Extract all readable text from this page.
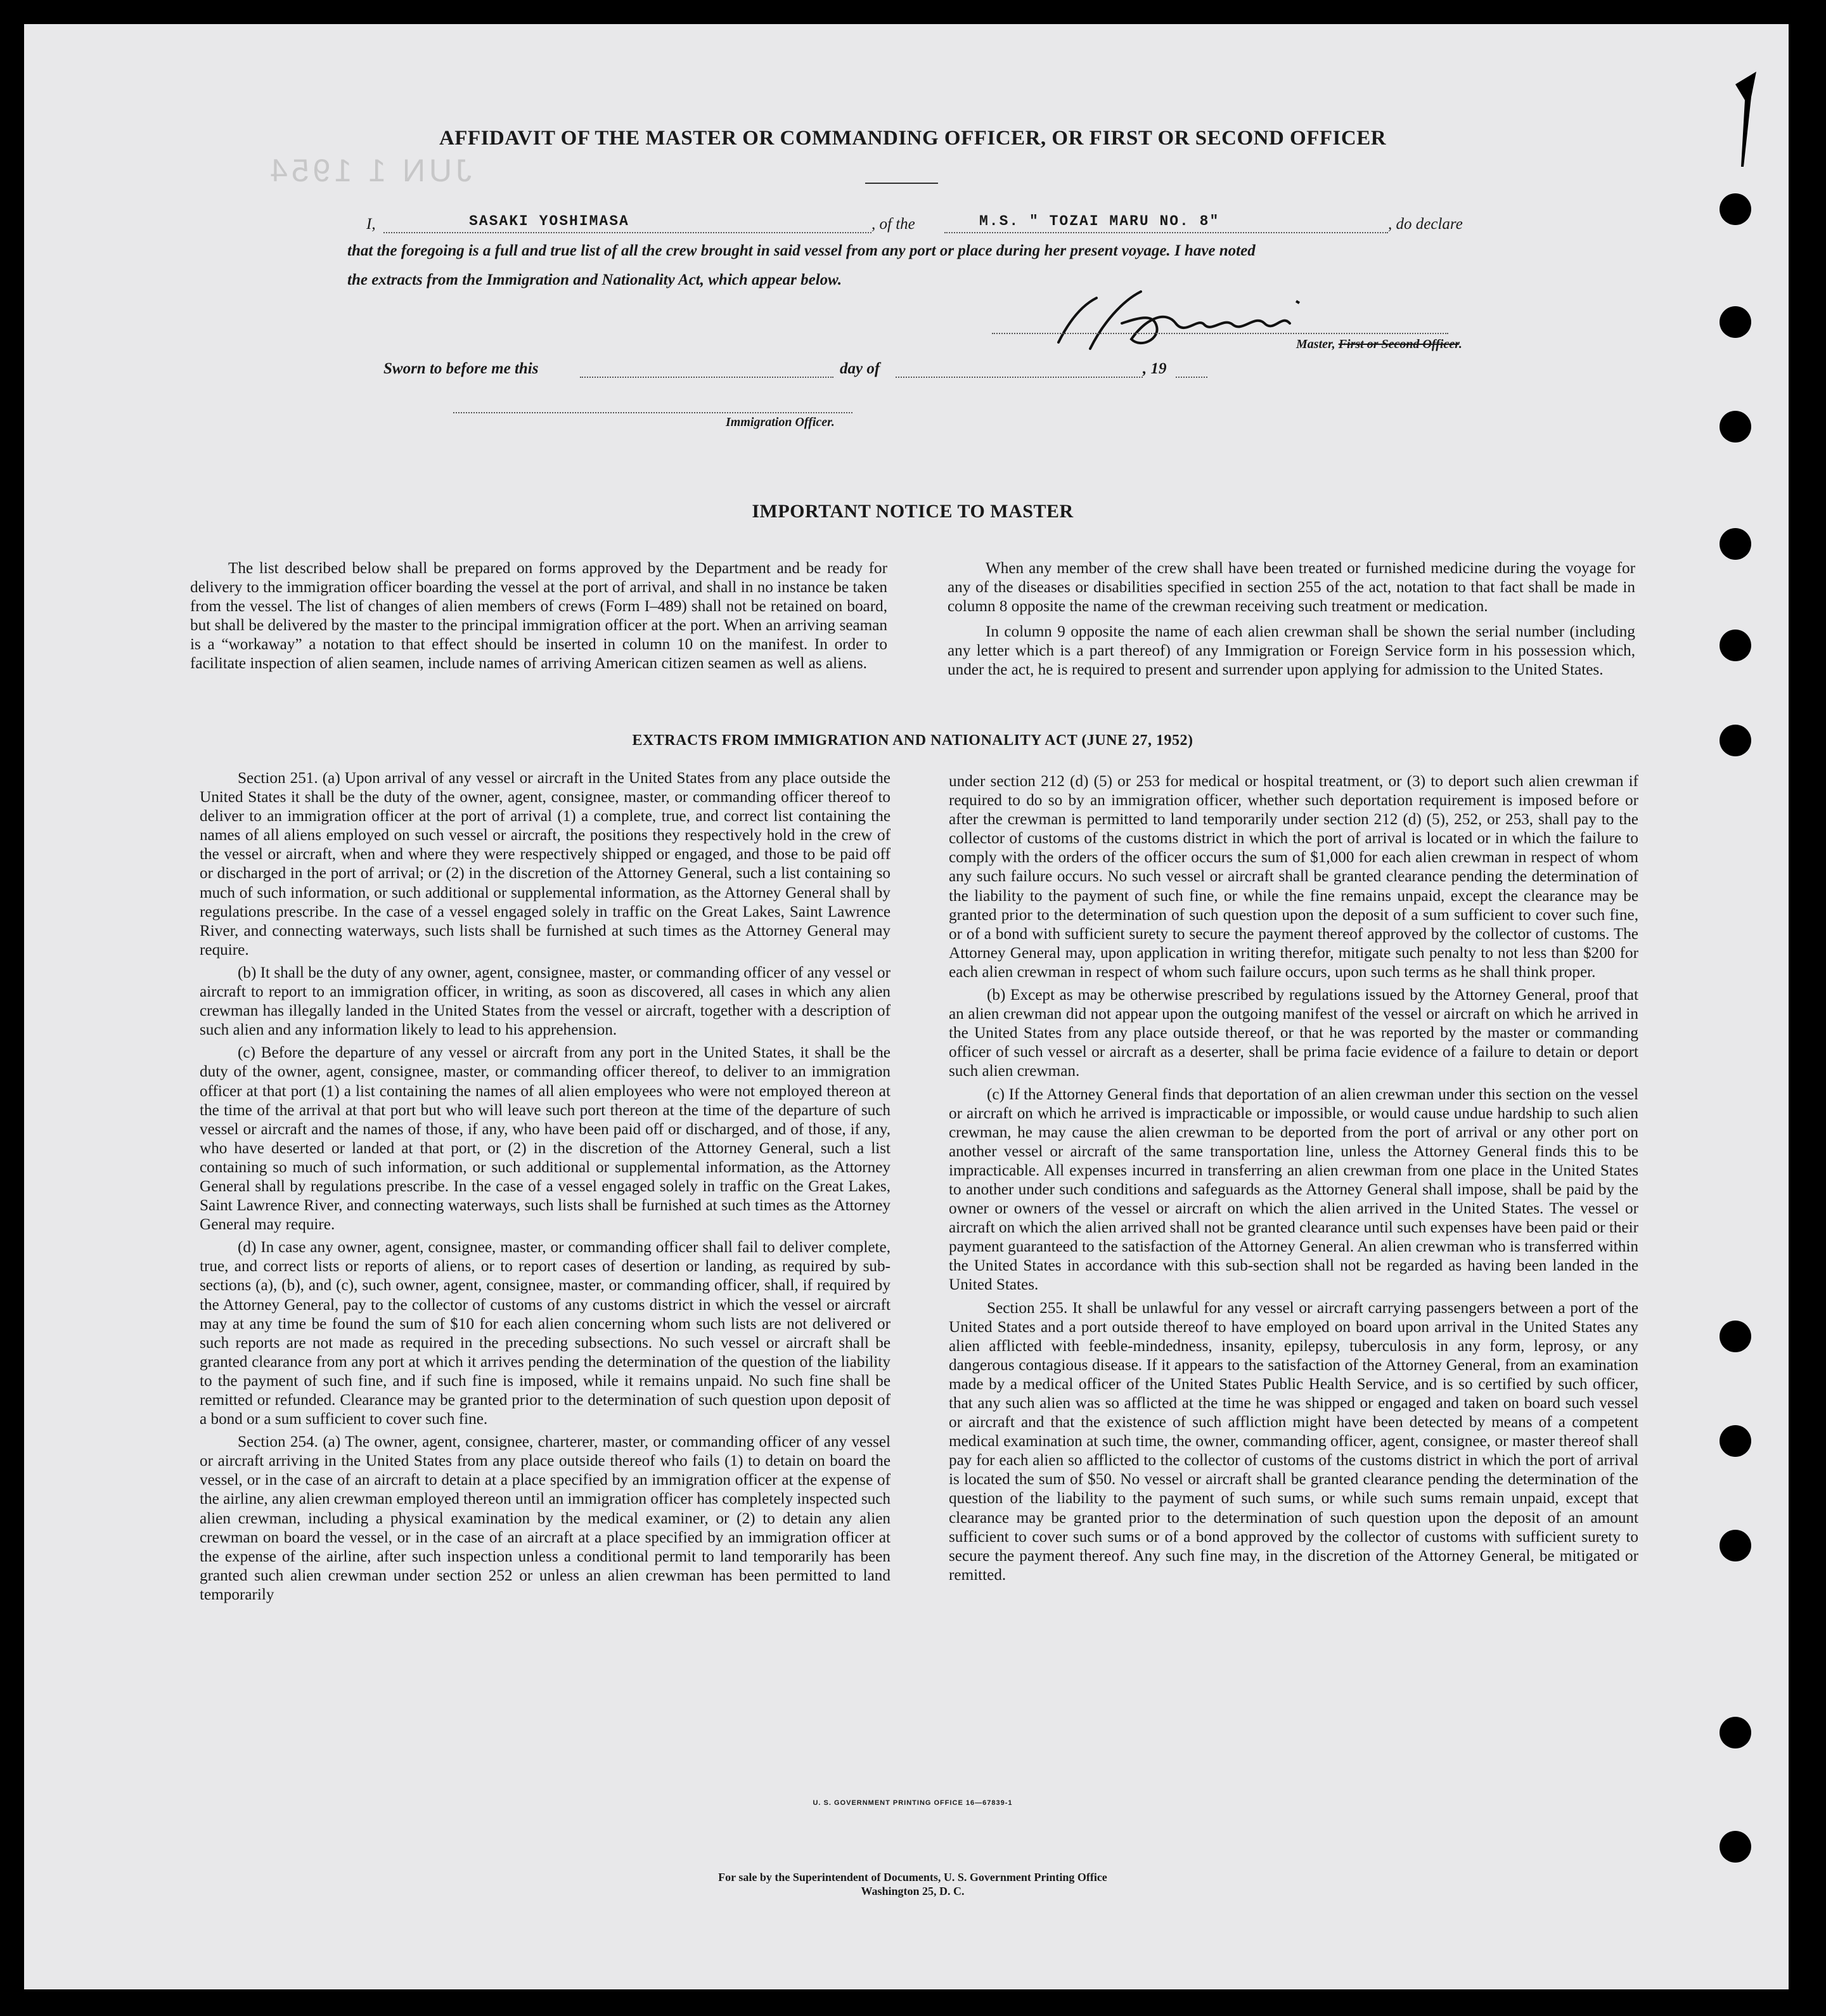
JUN 1 1954
AFFIDAVIT OF THE MASTER OR COMMANDING OFFICER, OR FIRST OR SECOND OFFICER
I,	SASAKI YOSHIMASA	, of the	M.S. " TOZAI MARU NO. 8"	, do declare
that the foregoing is a full and true list of all the crew brought in said vessel from any port or place during her present voyage. I have noted
the extracts from the Immigration and Nationality Act, which appear below.
Master, First or Second Officer.
Sworn to before me this	day of	, 19
Immigration Officer.
IMPORTANT NOTICE TO MASTER

The list described below shall be prepared on forms approved by the Department and be ready for delivery to the immigration officer boarding the vessel at the port of arrival, and shall in no instance be taken from the vessel. The list of changes of alien members of crews (Form I–489) shall not be retained on board, but shall be delivered by the master to the principal immigration officer at the port. When an arriving seaman is a “workaway” a notation to that effect should be inserted in column 10 on the manifest. In order to facilitate inspection of alien seamen, include names of arriving American citizen seamen as well as aliens.

When any member of the crew shall have been treated or furnished medicine during the voyage for any of the diseases or disabilities specified in section 255 of the act, notation to that fact shall be made in column 8 opposite the name of the crewman receiving such treatment or medication.

In column 9 opposite the name of each alien crewman shall be shown the serial number (including any letter which is a part thereof) of any Immigration or Foreign Service form in his possession which, under the act, he is required to present and surrender upon applying for admission to the United States.

EXTRACTS FROM IMMIGRATION AND NATIONALITY ACT (JUNE 27, 1952)

Section 251. (a) Upon arrival of any vessel or aircraft in the United States from any place outside the United States it shall be the duty of the owner, agent, consignee, master, or commanding officer thereof to deliver to an immigration officer at the port of arrival (1) a complete, true, and correct list containing the names of all aliens employed on such vessel or aircraft, the positions they respectively hold in the crew of the vessel or aircraft, when and where they were respectively shipped or engaged, and those to be paid off or discharged in the port of arrival; or (2) in the discretion of the Attorney General, such a list containing so much of such information, or such additional or supplemental information, as the Attorney General shall by regulations prescribe. In the case of a vessel engaged solely in traffic on the Great Lakes, Saint Lawrence River, and connecting waterways, such lists shall be furnished at such times as the Attorney General may require.

(b) It shall be the duty of any owner, agent, consignee, master, or commanding officer of any vessel or aircraft to report to an immigration officer, in writing, as soon as discovered, all cases in which any alien crewman has illegally landed in the United States from the vessel or aircraft, together with a description of such alien and any information likely to lead to his apprehension.

(c) Before the departure of any vessel or aircraft from any port in the United States, it shall be the duty of the owner, agent, consignee, master, or commanding officer thereof, to deliver to an immigration officer at that port (1) a list containing the names of all alien employees who were not employed thereon at the time of the arrival at that port but who will leave such port thereon at the time of the departure of such vessel or aircraft and the names of those, if any, who have been paid off or discharged, and of those, if any, who have deserted or landed at that port, or (2) in the discretion of the Attorney General, such a list containing so much of such information, or such additional or supplemental information, as the Attorney General shall by regulations prescribe. In the case of a vessel engaged solely in traffic on the Great Lakes, Saint Lawrence River, and connecting waterways, such lists shall be furnished at such times as the Attorney General may require.

(d) In case any owner, agent, consignee, master, or commanding officer shall fail to deliver complete, true, and correct lists or reports of aliens, or to report cases of desertion or landing, as required by sub-sections (a), (b), and (c), such owner, agent, consignee, master, or commanding officer, shall, if required by the Attorney General, pay to the collector of customs of any customs district in which the vessel or aircraft may at any time be found the sum of $10 for each alien concerning whom such lists are not delivered or such reports are not made as required in the preceding subsections. No such vessel or aircraft shall be granted clearance from any port at which it arrives pending the determination of the question of the liability to the payment of such fine, and if such fine is imposed, while it remains unpaid. No such fine shall be remitted or refunded. Clearance may be granted prior to the determination of such question upon deposit of a bond or a sum sufficient to cover such fine.

Section 254. (a) The owner, agent, consignee, charterer, master, or commanding officer of any vessel or aircraft arriving in the United States from any place outside thereof who fails (1) to detain on board the vessel, or in the case of an aircraft to detain at a place specified by an immigration officer at the expense of the airline, any alien crewman employed thereon until an immigration officer has completely inspected such alien crewman, including a physical examination by the medical examiner, or (2) to detain any alien crewman on board the vessel, or in the case of an aircraft at a place specified by an immigration officer at the expense of the airline, after such inspection unless a conditional permit to land temporarily has been granted such alien crewman under section 252 or unless an alien crewman has been permitted to land temporarily

under section 212 (d) (5) or 253 for medical or hospital treatment, or (3) to deport such alien crewman if required to do so by an immigration officer, whether such deportation requirement is imposed before or after the crewman is permitted to land temporarily under section 212 (d) (5), 252, or 253, shall pay to the collector of customs of the customs district in which the port of arrival is located or in which the failure to comply with the orders of the officer occurs the sum of $1,000 for each alien crewman in respect of whom any such failure occurs. No such vessel or aircraft shall be granted clearance pending the determination of the liability to the payment of such fine, or while the fine remains unpaid, except the clearance may be granted prior to the determination of such question upon the deposit of a sum sufficient to cover such fine, or of a bond with sufficient surety to secure the payment thereof approved by the collector of customs. The Attorney General may, upon application in writing therefor, mitigate such penalty to not less than $200 for each alien crewman in respect of whom such failure occurs, upon such terms as he shall think proper.

(b) Except as may be otherwise prescribed by regulations issued by the Attorney General, proof that an alien crewman did not appear upon the outgoing manifest of the vessel or aircraft on which he arrived in the United States from any place outside thereof, or that he was reported by the master or commanding officer of such vessel or aircraft as a deserter, shall be prima facie evidence of a failure to detain or deport such alien crewman.

(c) If the Attorney General finds that deportation of an alien crewman under this section on the vessel or aircraft on which he arrived is impracticable or impossible, or would cause undue hardship to such alien crewman, he may cause the alien crewman to be deported from the port of arrival or any other port on another vessel or aircraft of the same transportation line, unless the Attorney General finds this to be impracticable. All expenses incurred in transferring an alien crewman from one place in the United States to another under such conditions and safeguards as the Attorney General shall impose, shall be paid by the owner or owners of the vessel or aircraft on which the alien arrived in the United States. The vessel or aircraft on which the alien arrived shall not be granted clearance until such expenses have been paid or their payment guaranteed to the satisfaction of the Attorney General. An alien crewman who is transferred within the United States in accordance with this sub-section shall not be regarded as having been landed in the United States.

Section 255. It shall be unlawful for any vessel or aircraft carrying passengers between a port of the United States and a port outside thereof to have employed on board upon arrival in the United States any alien afflicted with feeble-mindedness, insanity, epilepsy, tuberculosis in any form, leprosy, or any dangerous contagious disease. If it appears to the satisfaction of the Attorney General, from an examination made by a medical officer of the United States Public Health Service, and is so certified by such officer, that any such alien was so afflicted at the time he was shipped or engaged and taken on board such vessel or aircraft and that the existence of such affliction might have been detected by means of a competent medical examination at such time, the owner, commanding officer, agent, consignee, or master thereof shall pay for each alien so afflicted to the collector of customs of the customs district in which the port of arrival is located the sum of $50. No vessel or aircraft shall be granted clearance pending the determination of the question of the liability to the payment of such sums, or while such sums remain unpaid, except that clearance may be granted prior to the determination of such question upon the deposit of an amount sufficient to cover such sums or of a bond approved by the collector of customs with sufficient surety to secure the payment thereof. Any such fine may, in the discretion of the Attorney General, be mitigated or remitted.

U. S. GOVERNMENT PRINTING OFFICE 16—67839-1
For sale by the Superintendent of Documents, U. S. Government Printing Office
Washington 25, D. C.
